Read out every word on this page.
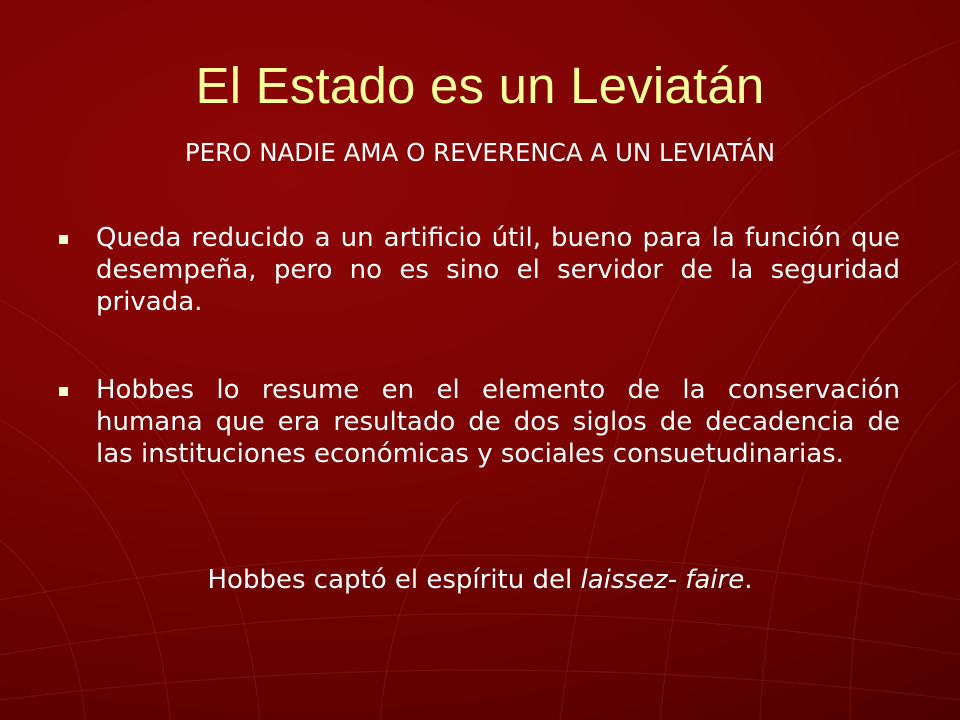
El Estado es un Leviatán
PERO NADIE AMA O REVERENCA A UN LEVIATÁN
Queda reducido a un artificio útil, bueno para la función que desempeña, pero no es sino el servidor de la seguridad privada.
Hobbes lo resume en el elemento de la conservación humana que era resultado de dos siglos de decadencia de las instituciones económicas y sociales consuetudinarias.
Hobbes captó el espíritu del laissez- faire.
